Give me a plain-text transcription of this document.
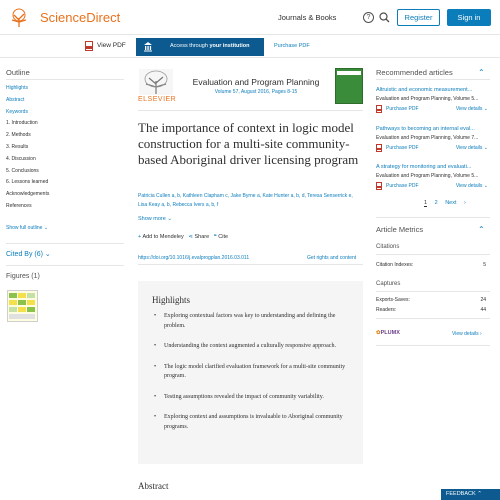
ScienceDirect	Journals & Books	?	Register	Sign in
View PDF	Access through your institution	Purchase PDF
Outline
Highlights
Abstract
Keywords
1. Introduction
2. Methods
3. Results
4. Discussion
5. Conclusions
6. Lessons learned
Acknowledgements
References
Show full outline ⌄
Cited By (6) ⌄
Figures (1)
ELSEVIER
Evaluation and Program Planning
Volume 57, August 2016, Pages 8-15
The importance of context in logic model construction for a multi-site community-based Aboriginal driver licensing program
Patricia Cullen a, b, Kathleen Clapham c, Jake Byrne a, Kate Hunter a, b, d, Teresa Senserrick e,
Lisa Keay a, b, Rebecca Ivers a, b, f
Show more ⌄
+ Add to Mendeley ⋖ Share ❝ Cite
https://doi.org/10.1016/j.evalprogplan.2016.03.011	Get rights and content
Highlights
• Exploring contextual factors was key to understanding and defining the problem.
• Understanding the context augmented a culturally responsive approach.
• The logic model clarified evaluation framework for a multi-site community program.
• Testing assumptions revealed the impact of community variability.
• Exploring context and assumptions is invaluable to Aboriginal community programs.
Abstract
Recommended articles	⌃
Altruistic and economic measurement...
Evaluation and Program Planning, Volume 5...
Purchase PDF	View details ⌄
Pathways to becoming an internal eval...
Evaluation and Program Planning, Volume 7...
Purchase PDF	View details ⌄
A strategy for monitoring and evaluati...
Evaluation and Program Planning, Volume 5...
Purchase PDF	View details ⌄
1 2 Next ›
Article Metrics	⌃
Citations
Citation Indexes:	5
Captures
Exports-Saves:	24
Readers:	44
✿PLUMX	View details ›
FEEDBACK ⌃
